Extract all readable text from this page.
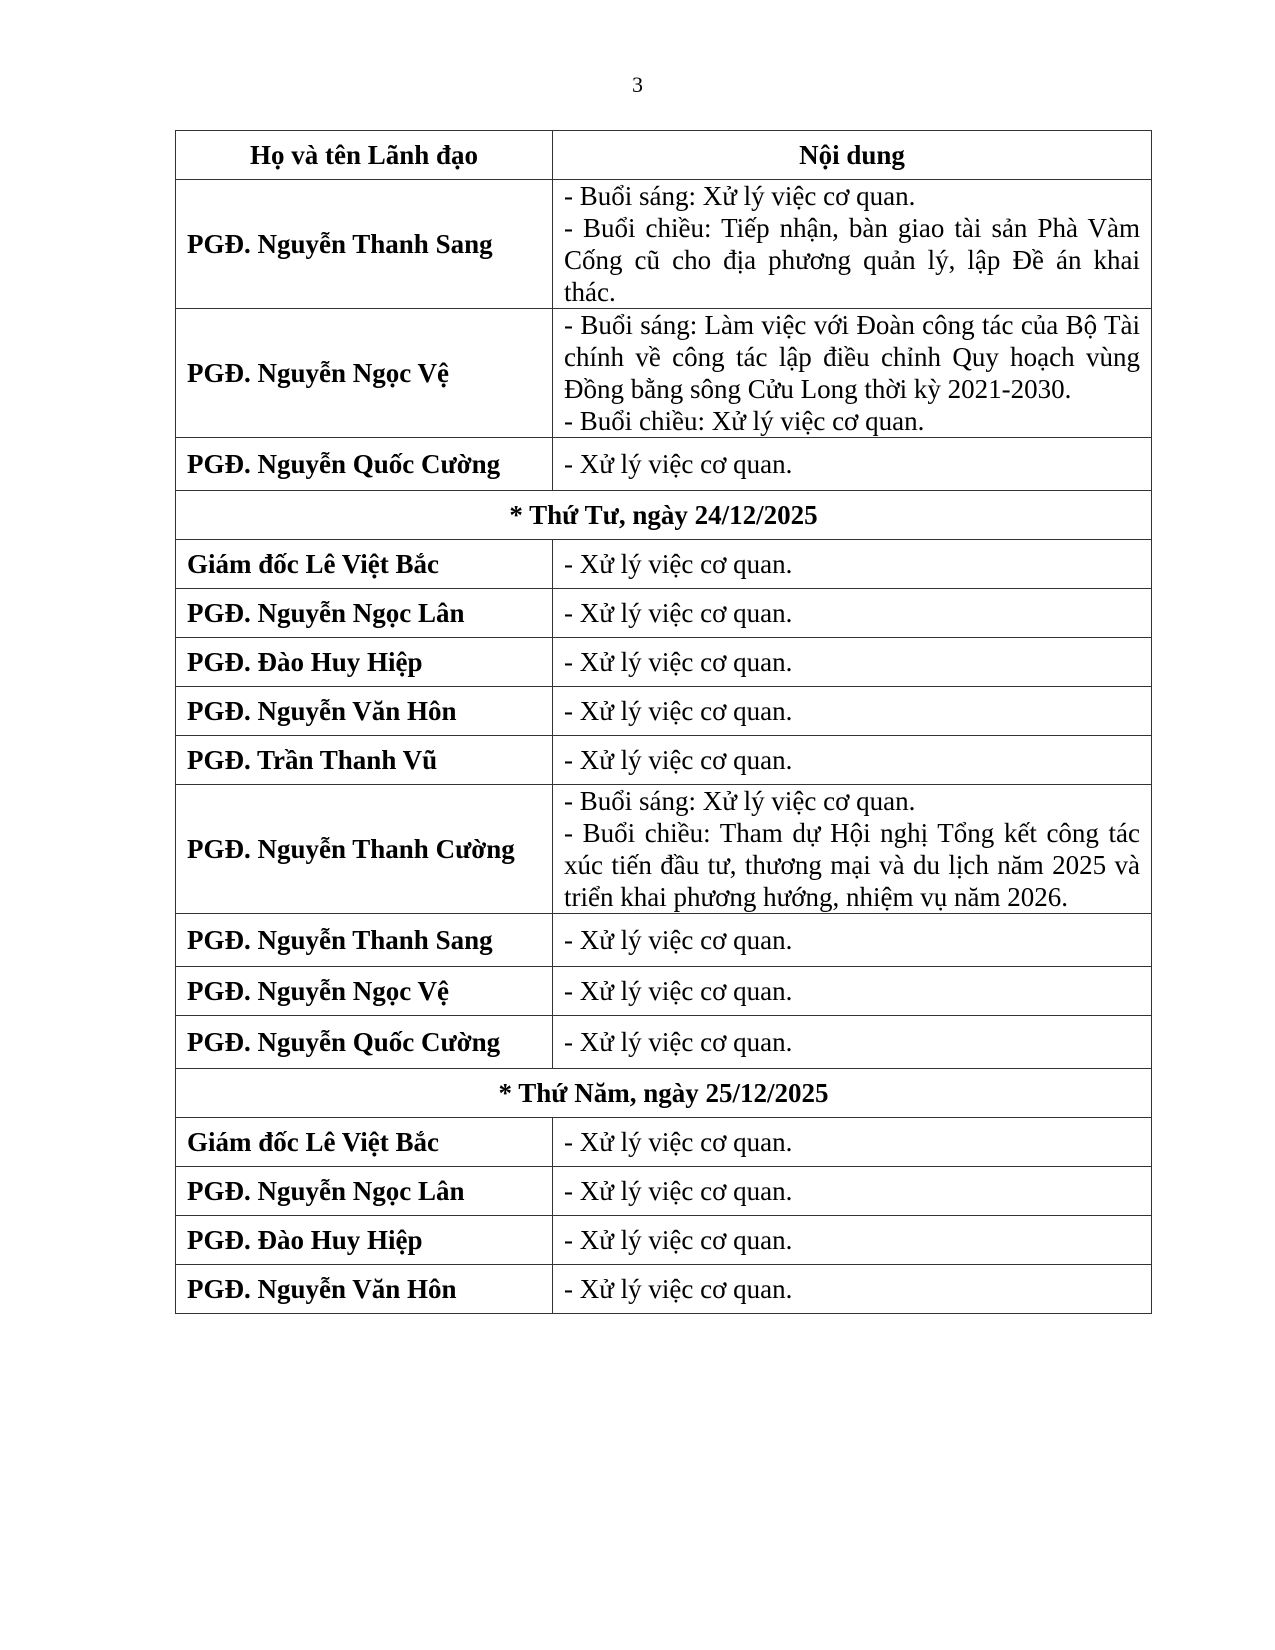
3
Họ và tên Lãnh đạo	Nội dung
PGĐ. Nguyễn Thanh Sang	- Buổi sáng: Xử lý việc cơ quan.
- Buổi chiều: Tiếp nhận, bàn giao tài sản Phà Vàm Cống cũ cho địa phương quản lý, lập Đề án khai thác.

PGĐ. Nguyễn Ngọc Vệ	- Buổi sáng: Làm việc với Đoàn công tác của Bộ Tài chính về công tác lập điều chỉnh Quy hoạch vùng Đồng bằng sông Cửu Long thời kỳ 2021-2030.
- Buổi chiều: Xử lý việc cơ quan.

PGĐ. Nguyễn Quốc Cường	- Xử lý việc cơ quan.
* Thứ Tư, ngày 24/12/2025	
Giám đốc Lê Việt Bắc	- Xử lý việc cơ quan.
PGĐ. Nguyễn Ngọc Lân	- Xử lý việc cơ quan.
PGĐ. Đào Huy Hiệp	- Xử lý việc cơ quan.
PGĐ. Nguyễn Văn Hôn	- Xử lý việc cơ quan.
PGĐ. Trần Thanh Vũ	- Xử lý việc cơ quan.
PGĐ. Nguyễn Thanh Cường	- Buổi sáng: Xử lý việc cơ quan.
- Buổi chiều: Tham dự Hội nghị Tổng kết công tác xúc tiến đầu tư, thương mại và du lịch năm 2025 và triển khai phương hướng, nhiệm vụ năm 2026.

PGĐ. Nguyễn Thanh Sang	- Xử lý việc cơ quan.
PGĐ. Nguyễn Ngọc Vệ	- Xử lý việc cơ quan.
PGĐ. Nguyễn Quốc Cường	- Xử lý việc cơ quan.
* Thứ Năm, ngày 25/12/2025	
Giám đốc Lê Việt Bắc	- Xử lý việc cơ quan.
PGĐ. Nguyễn Ngọc Lân	- Xử lý việc cơ quan.
PGĐ. Đào Huy Hiệp	- Xử lý việc cơ quan.
PGĐ. Nguyễn Văn Hôn	- Xử lý việc cơ quan.
